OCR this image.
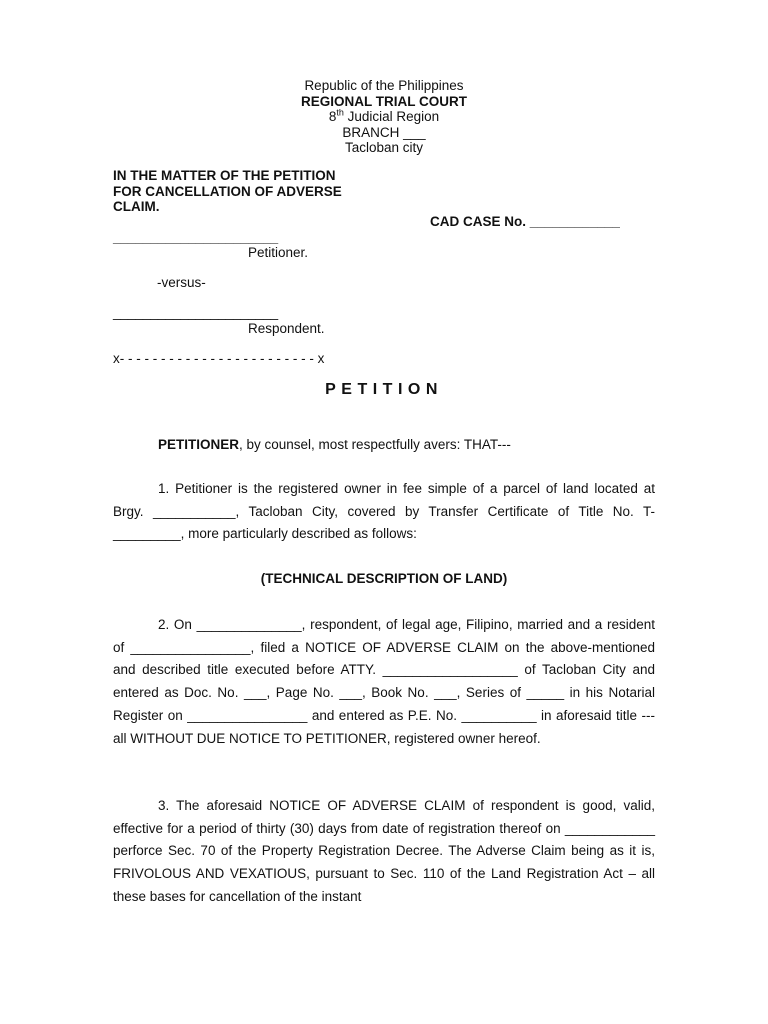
Republic of the Philippines
REGIONAL TRIAL COURT
8th Judicial Region
BRANCH ___
Tacloban city
IN THE MATTER OF THE PETITION
FOR CANCELLATION OF ADVERSE
CLAIM.
CAD CASE No. ____________
______________________
Petitioner.
-versus-
______________________
Respondent.
x- - - - - - - - - - - - - - - - - - - - - - - - x
PETITION
PETITIONER, by counsel, most respectfully avers: THAT---

1. Petitioner is the registered owner in fee simple of a parcel of land located at Brgy. ___________, Tacloban City, covered by Transfer Certificate of Title No. T-_________, more particularly described as follows:

(TECHNICAL DESCRIPTION OF LAND)

2. On ______________, respondent, of legal age, Filipino, married and a resident of ________________, filed a NOTICE OF ADVERSE CLAIM on the above-mentioned and described title executed before ATTY. __________________ of Tacloban City and entered as Doc. No. ___, Page No. ___, Book No. ___, Series of _____ in his Notarial Register on ________________ and entered as P.E. No. __________ in aforesaid title --- all WITHOUT DUE NOTICE TO PETITIONER, registered owner hereof.

3. The aforesaid NOTICE OF ADVERSE CLAIM of respondent is good, valid, effective for a period of thirty (30) days from date of registration thereof on ____________ perforce Sec. 70 of the Property Registration Decree. The Adverse Claim being as it is, FRIVOLOUS AND VEXATIOUS, pursuant to Sec. 110 of the Land Registration Act – all these bases for cancellation of the instant
